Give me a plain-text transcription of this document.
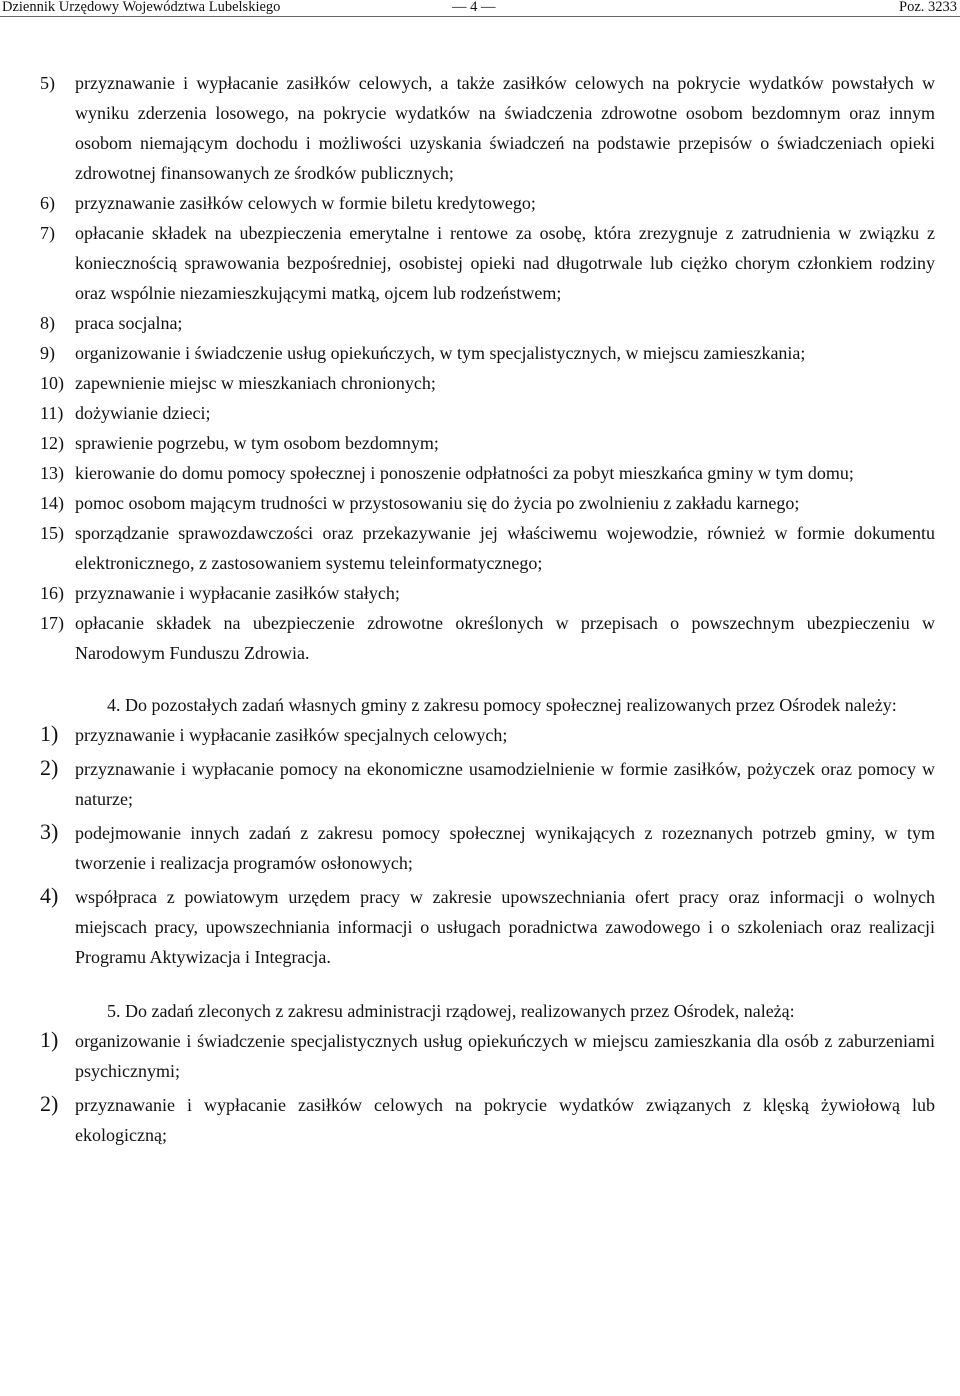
Dziennik Urzędowy Województwa Lubelskiego	— 4 —	Poz. 3233
5) przyznawanie i wypłacanie zasiłków celowych, a także zasiłków celowych na pokrycie wydatków powstałych w wyniku zderzenia losowego, na pokrycie wydatków na świadczenia zdrowotne osobom bezdomnym oraz innym osobom niemającym dochodu i możliwości uzyskania świadczeń na podstawie przepisów o świadczeniach opieki zdrowotnej finansowanych ze środków publicznych;
6) przyznawanie zasiłków celowych w formie biletu kredytowego;
7) opłacanie składek na ubezpieczenia emerytalne i rentowe za osobę, która zrezygnuje z zatrudnienia w związku z koniecznością sprawowania bezpośredniej, osobistej opieki nad długotrwale lub ciężko chorym członkiem rodziny oraz wspólnie niezamieszkującymi matką, ojcem lub rodzeństwem;
8) praca socjalna;
9) organizowanie i świadczenie usług opiekuńczych, w tym specjalistycznych, w miejscu zamieszkania;
10) zapewnienie miejsc w mieszkaniach chronionych;
11) dożywianie dzieci;
12) sprawienie pogrzebu, w tym osobom bezdomnym;
13) kierowanie do domu pomocy społecznej i ponoszenie odpłatności za pobyt mieszkańca gminy w tym domu;
14) pomoc osobom mającym trudności w przystosowaniu się do życia po zwolnieniu z zakładu karnego;
15) sporządzanie sprawozdawczości oraz przekazywanie jej właściwemu wojewodzie, również w formie dokumentu elektronicznego, z zastosowaniem systemu teleinformatycznego;
16) przyznawanie i wypłacanie zasiłków stałych;
17) opłacanie składek na ubezpieczenie zdrowotne określonych w przepisach o powszechnym ubezpieczeniu w Narodowym Funduszu Zdrowia.
4. Do pozostałych zadań własnych gminy z zakresu pomocy społecznej realizowanych przez Ośrodek należy:
1) przyznawanie i wypłacanie zasiłków specjalnych celowych;
2) przyznawanie i wypłacanie pomocy na ekonomiczne usamodzielnienie w formie zasiłków, pożyczek oraz pomocy w naturze;
3) podejmowanie innych zadań z zakresu pomocy społecznej wynikających z rozeznanych potrzeb gminy, w tym tworzenie i realizacja programów osłonowych;
4) współpraca z powiatowym urzędem pracy w zakresie upowszechniania ofert pracy oraz informacji o wolnych miejscach pracy, upowszechniania informacji o usługach poradnictwa zawodowego i o szkoleniach oraz realizacji Programu Aktywizacja i Integracja.
5. Do zadań zleconych z zakresu administracji rządowej, realizowanych przez Ośrodek, należą:
1) organizowanie i świadczenie specjalistycznych usług opiekuńczych w miejscu zamieszkania dla osób z zaburzeniami psychicznymi;
2) przyznawanie i wypłacanie zasiłków celowych na pokrycie wydatków związanych z klęską żywiołową lub ekologiczną;
